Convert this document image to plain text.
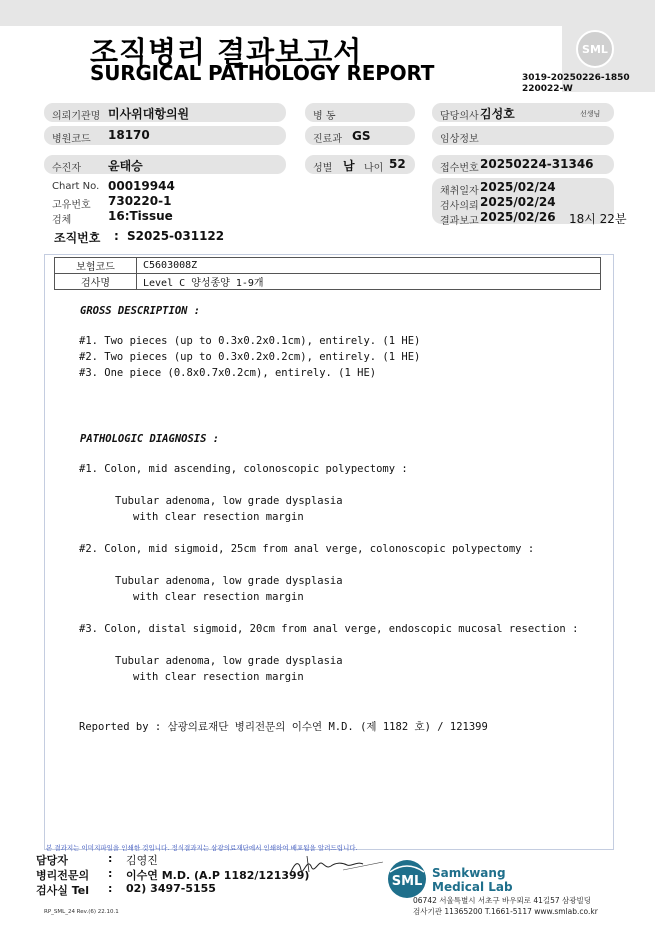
조직병리 결과보고서
SURGICAL PATHOLOGY REPORT
SML
3019-20250226-1850
220022-W
의뢰기관명 미사위대항의원
병원코드 18170
수진자 윤태승
병 동
진료과 GS
성별 남 나이 52
담당의사 김성호	선생님
임상정보
접수번호 20250224-31346
Chart No. 00019944
고유번호 730220-1
검체	16:Tissue
채취일자 2025/02/24
검사의뢰 2025/02/24
결과보고 2025/02/26 18시 22분
조직번호 : S2025-031122
보험코드	C5603008Z
검사명	Level C 양성종양 1-9개
GROSS DESCRIPTION :
#1. Two pieces (up to 0.3x0.2x0.1cm), entirely. (1 HE)
#2. Two pieces (up to 0.3x0.2x0.2cm), entirely. (1 HE)
#3. One piece (0.8x0.7x0.2cm), entirely. (1 HE)
PATHOLOGIC DIAGNOSIS :
#1. Colon, mid ascending, colonoscopic polypectomy :
Tubular adenoma, low grade dysplasia
with clear resection margin
#2. Colon, mid sigmoid, 25cm from anal verge, colonoscopic polypectomy :
Tubular adenoma, low grade dysplasia
with clear resection margin
#3. Colon, distal sigmoid, 20cm from anal verge, endoscopic mucosal resection :
Tubular adenoma, low grade dysplasia
with clear resection margin
Reported by : 삼광의료재단 병리전문의 이수연 M.D. (제 1182 호) / 121399
본 결과지는 이미지파일을 인쇄한 것입니다. 정식결과지는 삼광의료재단에서 인쇄하여 배포됨을 알려드립니다.
담당자	: 김영진
병리전문의 : 이수연 M.D. (A.P 1182/121399)
검사실 Tel : 02) 3497-5155	SML
Samkwang
Medical Lab
06742 서울특별시 서초구 바우뫼로 41길57 삼광빌딩
검사기관 11365200 T.1661-5117 www.smlab.co.kr
RP_SML_24 Rev.(6) 22.10.1
